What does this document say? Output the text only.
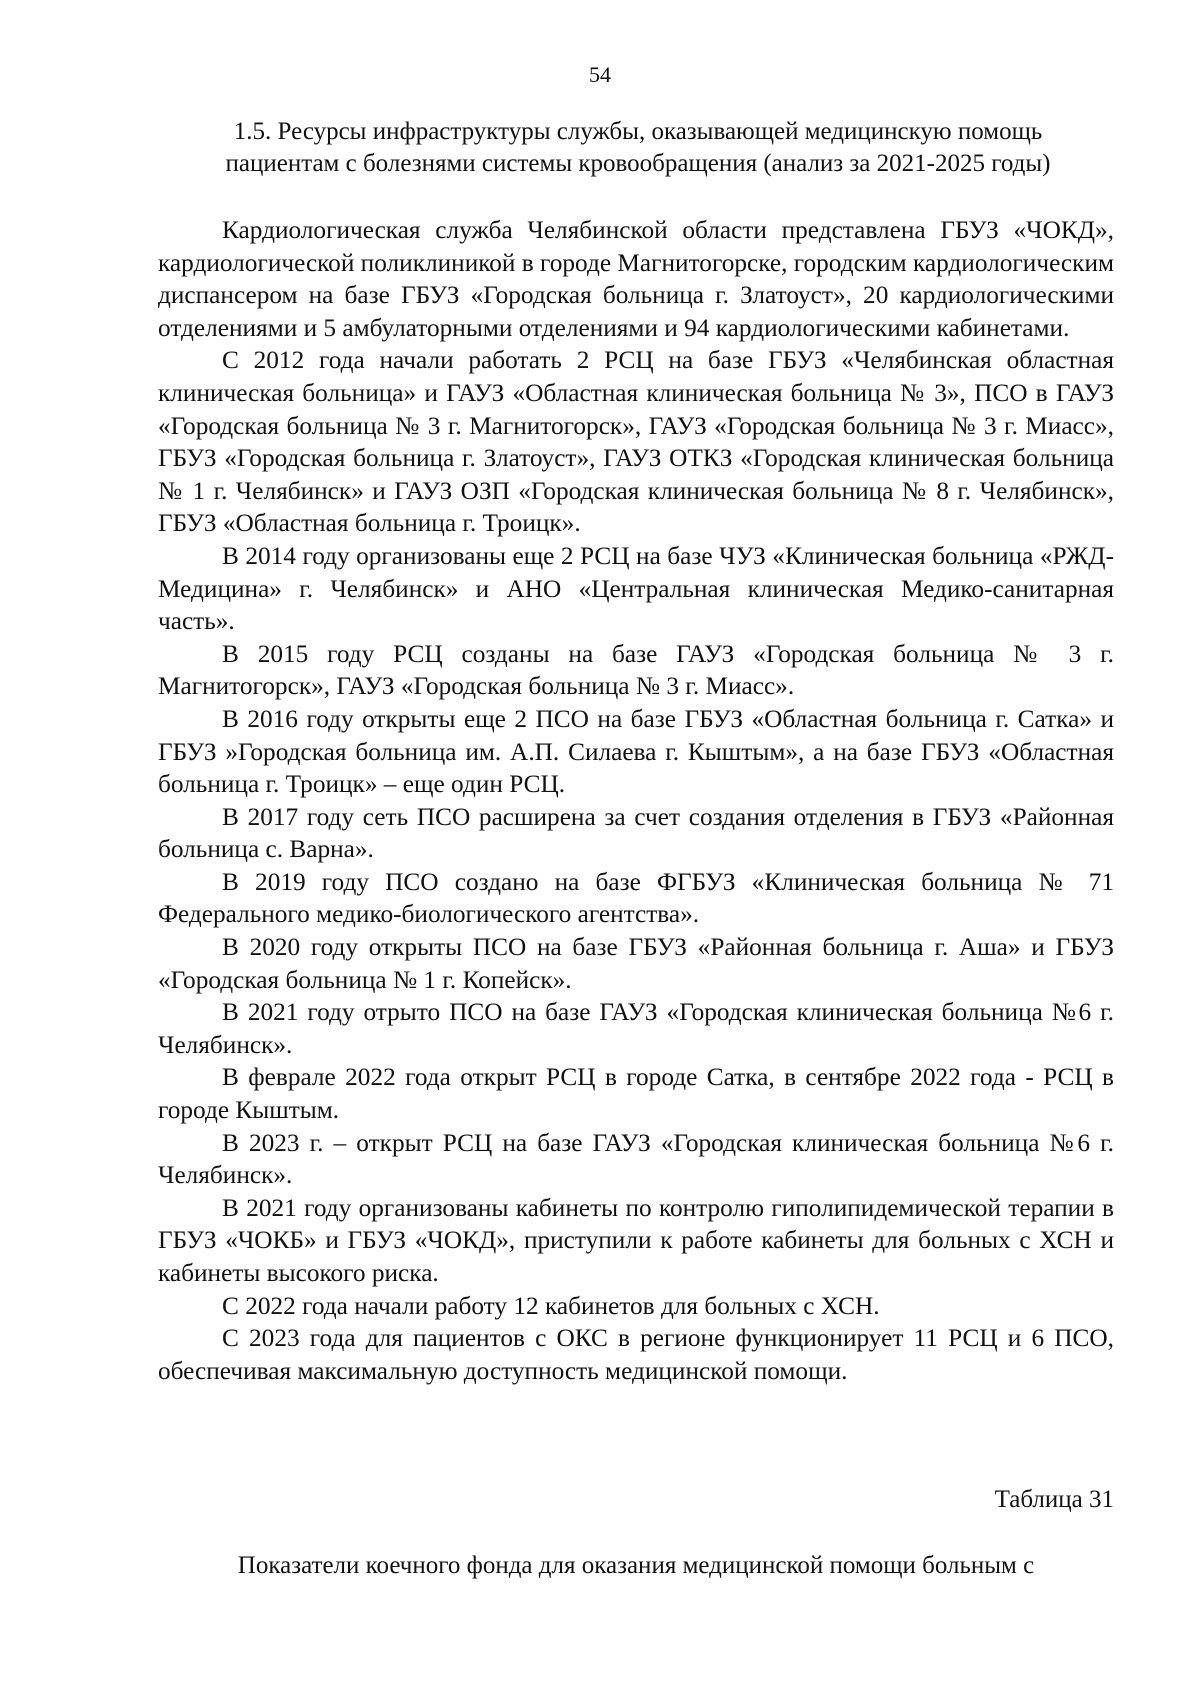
54
1.5. Ресурсы инфраструктуры службы, оказывающей медицинскую помощь
пациентам с болезнями системы кровообращения (анализ за 2021-2025 годы)

Кардиологическая служба Челябинской области представлена ГБУЗ «ЧОКД», кардиологической поликлиникой в городе Магнитогорске, городским кардиологическим диспансером на базе ГБУЗ «Городская больница г. Златоуст», 20 кардиологическими отделениями и 5 амбулаторными отделениями и 94 кардиологическими кабинетами.

С 2012 года начали работать 2 РСЦ на базе ГБУЗ «Челябинская областная клиническая больница» и ГАУЗ «Областная клиническая больница № 3», ПСО в ГАУЗ «Городская больница № 3 г. Магнитогорск», ГАУЗ «Городская больница № 3 г. Миасс», ГБУЗ «Городская больница г. Златоуст», ГАУЗ ОТКЗ «Городская клиническая больница № 1 г. Челябинск» и ГАУЗ ОЗП «Городская клиническая больница № 8 г. Челябинск», ГБУЗ «Областная больница г. Троицк».

В 2014 году организованы еще 2 РСЦ на базе ЧУЗ «Клиническая больница «РЖД-Медицина» г. Челябинск» и АНО «Центральная клиническая Медико-санитарная часть».

В 2015 году РСЦ созданы на базе ГАУЗ «Городская больница № 3 г. Магнитогорск», ГАУЗ «Городская больница № 3 г. Миасс».

В 2016 году открыты еще 2 ПСО на базе ГБУЗ «Областная больница г. Сатка» и ГБУЗ »Городская больница им. А.П. Силаева г. Кыштым», а на базе ГБУЗ «Областная больница г. Троицк» – еще один РСЦ.

В 2017 году сеть ПСО расширена за счет создания отделения в ГБУЗ «Районная больница с. Варна».

В 2019 году ПСО создано на базе ФГБУЗ «Клиническая больница № 71 Федерального медико-биологического агентства».

В 2020 году открыты ПСО на базе ГБУЗ «Районная больница г. Аша» и ГБУЗ «Городская больница № 1 г. Копейск».

В 2021 году отрыто ПСО на базе ГАУЗ «Городская клиническая больница №6 г. Челябинск».

В феврале 2022 года открыт РСЦ в городе Сатка, в сентябре 2022 года - РСЦ в городе Кыштым.

В 2023 г. – открыт РСЦ на базе ГАУЗ «Городская клиническая больница №6 г. Челябинск».

В 2021 году организованы кабинеты по контролю гиполипидемической терапии в ГБУЗ «ЧОКБ» и ГБУЗ «ЧОКД», приступили к работе кабинеты для больных с ХСН и кабинеты высокого риска.

С 2022 года начали работу 12 кабинетов для больных с ХСН.

С 2023 года для пациентов с ОКС в регионе функционирует 11 РСЦ и 6 ПСО, обеспечивая максимальную доступность медицинской помощи.

Таблица 31
Показатели коечного фонда для оказания медицинской помощи больным с
